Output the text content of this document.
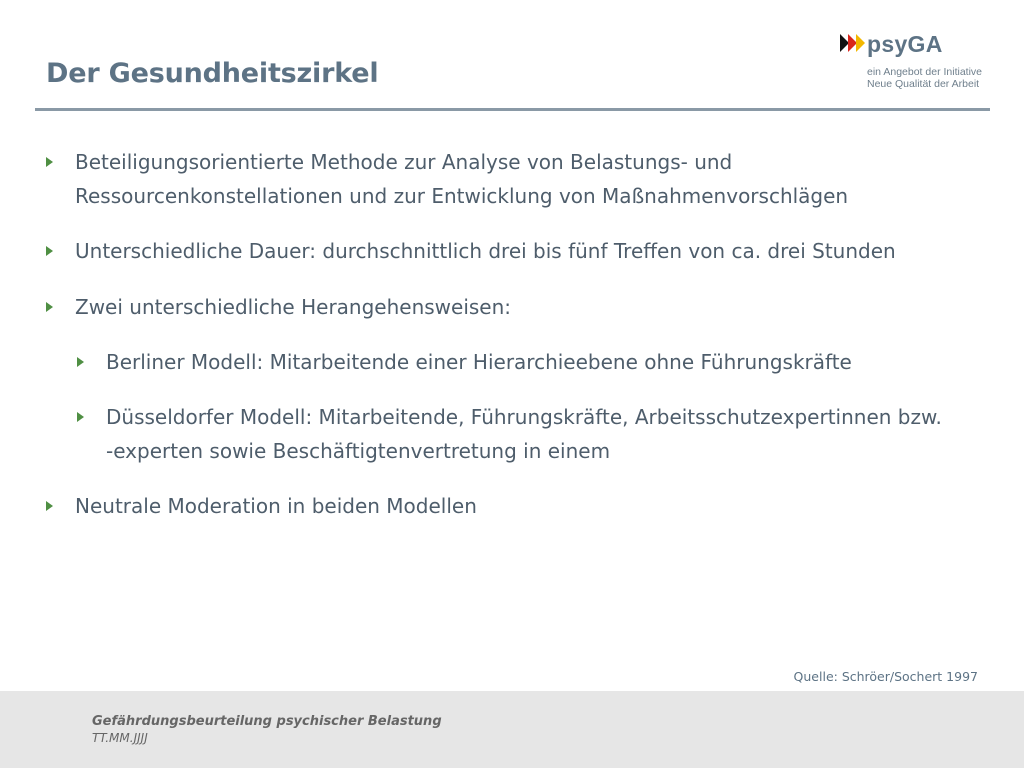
Der Gesundheitszirkel
psyGA
ein Angebot der Initiative
Neue Qualität der Arbeit
Beteiligungsorientierte Methode zur Analyse von Belastungs- und
Ressourcenkonstellationen und zur Entwicklung von Maßnahmenvorschlägen
Unterschiedliche Dauer: durchschnittlich drei bis fünf Treffen von ca. drei Stunden
Zwei unterschiedliche Herangehensweisen:
Berliner Modell: Mitarbeitende einer Hierarchieebene ohne Führungskräfte
Düsseldorfer Modell: Mitarbeitende, Führungskräfte, Arbeitsschutzexpertinnen bzw.
-experten sowie Beschäftigtenvertretung in einem
Neutrale Moderation in beiden Modellen
Quelle: Schröer/Sochert 1997
Gefährdungsbeurteilung psychischer Belastung
TT.MM.JJJJ
